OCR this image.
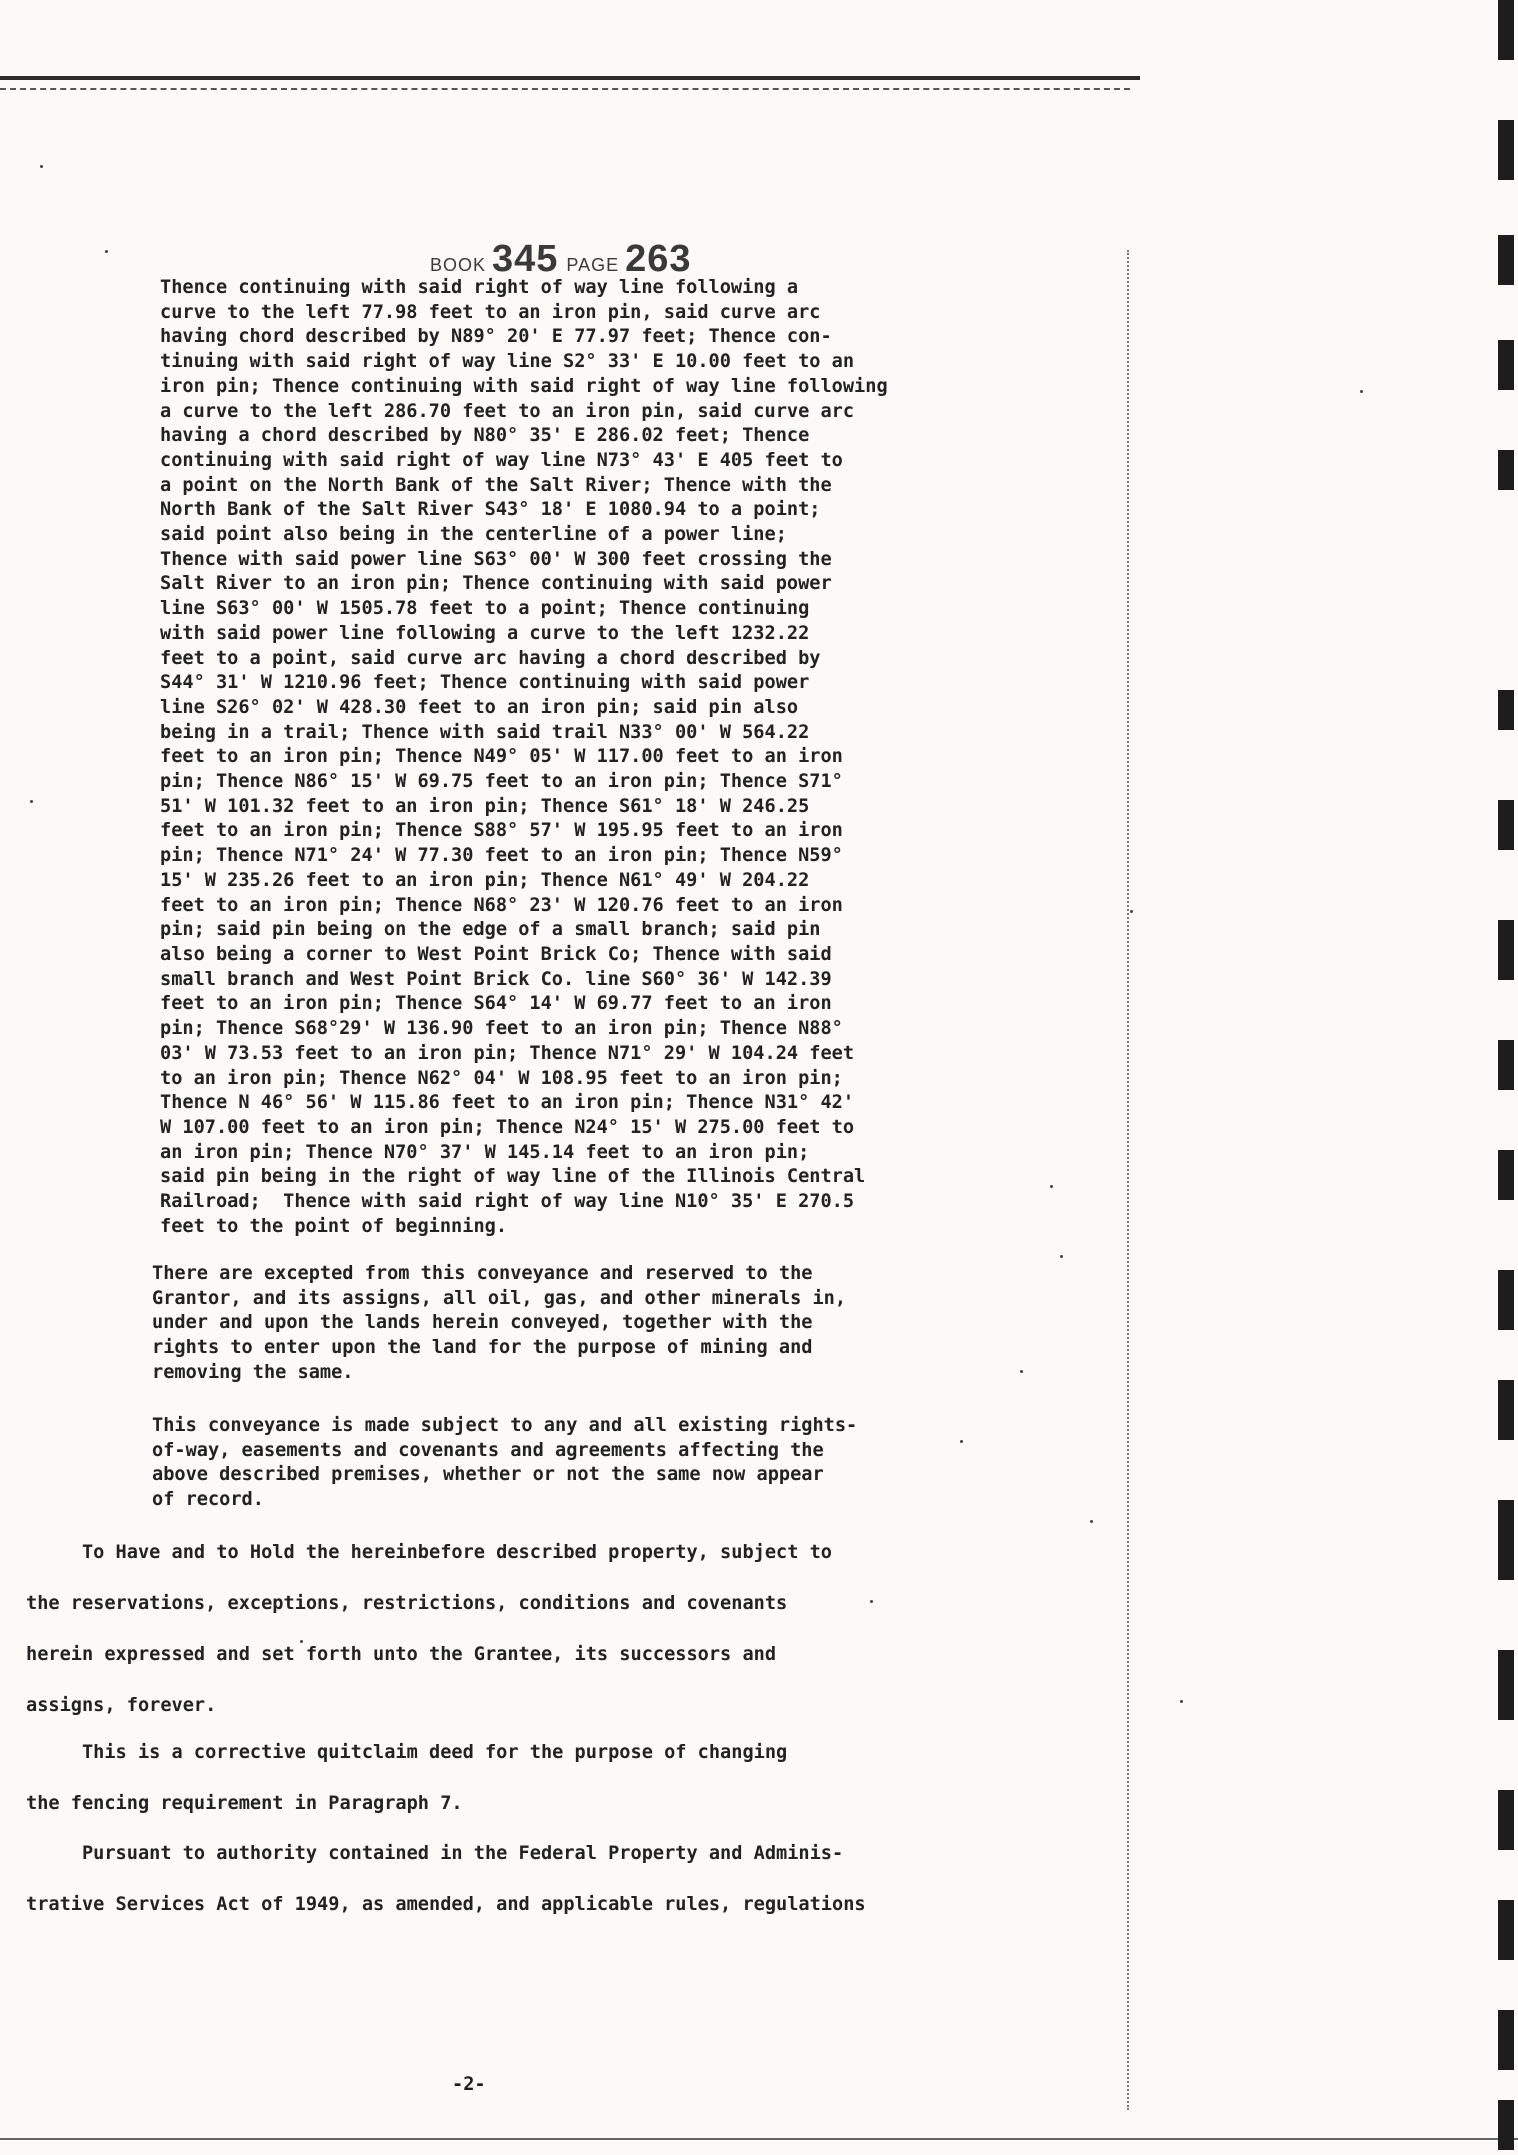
BOOK 345 PAGE 263
Thence continuing with said right of way line following a
curve to the left 77.98 feet to an iron pin, said curve arc
having chord described by N89° 20' E 77.97 feet; Thence con-
tinuing with said right of way line S2° 33' E 10.00 feet to an
iron pin; Thence continuing with said right of way line following
a curve to the left 286.70 feet to an iron pin, said curve arc
having a chord described by N80° 35' E 286.02 feet; Thence
continuing with said right of way line N73° 43' E 405 feet to
a point on the North Bank of the Salt River; Thence with the
North Bank of the Salt River S43° 18' E 1080.94 to a point;
said point also being in the centerline of a power line;
Thence with said power line S63° 00' W 300 feet crossing the
Salt River to an iron pin; Thence continuing with said power
line S63° 00' W 1505.78 feet to a point; Thence continuing
with said power line following a curve to the left 1232.22
feet to a point, said curve arc having a chord described by
S44° 31' W 1210.96 feet; Thence continuing with said power
line S26° 02' W 428.30 feet to an iron pin; said pin also
being in a trail; Thence with said trail N33° 00' W 564.22
feet to an iron pin; Thence N49° 05' W 117.00 feet to an iron
pin; Thence N86° 15' W 69.75 feet to an iron pin; Thence S71°
51' W 101.32 feet to an iron pin; Thence S61° 18' W 246.25
feet to an iron pin; Thence S88° 57' W 195.95 feet to an iron
pin; Thence N71° 24' W 77.30 feet to an iron pin; Thence N59°
15' W 235.26 feet to an iron pin; Thence N61° 49' W 204.22
feet to an iron pin; Thence N68° 23' W 120.76 feet to an iron
pin; said pin being on the edge of a small branch; said pin
also being a corner to West Point Brick Co; Thence with said
small branch and West Point Brick Co. line S60° 36' W 142.39
feet to an iron pin; Thence S64° 14' W 69.77 feet to an iron
pin; Thence S68°29' W 136.90 feet to an iron pin; Thence N88°
03' W 73.53 feet to an iron pin; Thence N71° 29' W 104.24 feet
to an iron pin; Thence N62° 04' W 108.95 feet to an iron pin;
Thence N 46° 56' W 115.86 feet to an iron pin; Thence N31° 42'
W 107.00 feet to an iron pin; Thence N24° 15' W 275.00 feet to
an iron pin; Thence N70° 37' W 145.14 feet to an iron pin;
said pin being in the right of way line of the Illinois Central
Railroad;  Thence with said right of way line N10° 35' E 270.5
feet to the point of beginning.
There are excepted from this conveyance and reserved to the
Grantor, and its assigns, all oil, gas, and other minerals in,
under and upon the lands herein conveyed, together with the
rights to enter upon the land for the purpose of mining and
removing the same.
This conveyance is made subject to any and all existing rights-
of-way, easements and covenants and agreements affecting the
above described premises, whether or not the same now appear
of record.
To Have and to Hold the hereinbefore described property, subject to
the reservations, exceptions, restrictions, conditions and covenants
herein expressed and set forth unto the Grantee, its successors and
assigns, forever.
This is a corrective quitclaim deed for the purpose of changing
the fencing requirement in Paragraph 7.
Pursuant to authority contained in the Federal Property and Adminis-
trative Services Act of 1949, as amended, and applicable rules, regulations
-2-
